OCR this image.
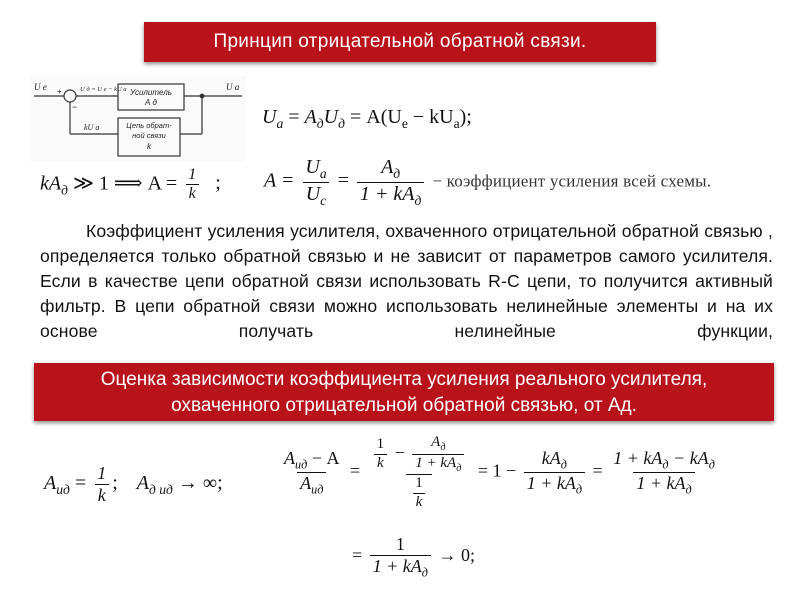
Принцип отрицательной обратной связи.
U e	U a
+
−
U д = U e − kU a Усилитель
А д
Цепь обрат-
ной связи
k
kU a	$U_a = A_дU_д = A(U_e - kU_a)$;
$kA_д$ ≫ 1 ⟹ $A = \frac{1}{k}$ ; $A = \frac{U_a}{U_c} = \frac{A_д}{1 + kA_д}$ − коэффициент усиления всей схемы.
Коэффициент усиления усилителя, охваченного отрицательной обратной связью , определяется только обратной связью и не зависит от параметров самого усилителя. Если в качестве цепи обратной связи использовать R-C цепи, то получится активный фильтр. В цепи обратной связи можно использовать нелинейные элементы и на их основе получать нелинейные функции,
Оценка зависимости коэффициента усиления реального усилителя,
охваченного отрицательной обратной связью, от Ад.
$A_{ид} = \frac{1}{k}$ ; $A_{д ид}$ → ∞;	$\frac{A_{ид} - A}{A_{ид}} = \frac{\frac{1}{k} - \frac{A_д}{1 + kA_д}}{\frac{1}{k}} = 1 - \frac{kA_д}{1 + kA_д} = \frac{1 + kA_д - kA_д}{1 + kA_д}$
= $\frac{1}{1 + kA_д} \to 0$;
